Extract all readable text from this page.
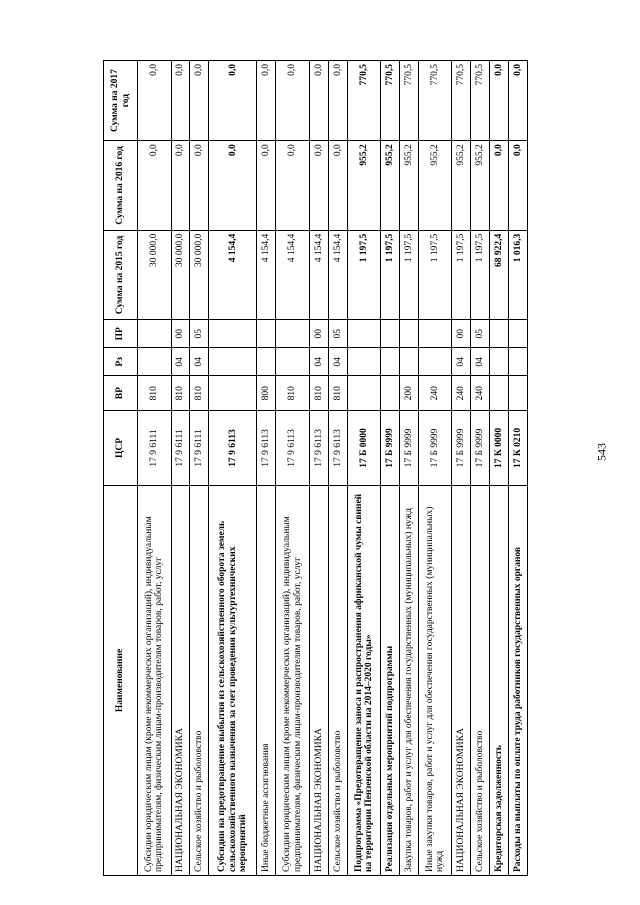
543
Наименование	ЦСР	ВР	Рз	ПР	Сумма на 2015 год	Сумма на 2016 год	Сумма на 2017 год
Субсидии юридическим лицам (кроме некоммерческих организаций), индивидуальным предпринимателям, физическим лицам-производителям товаров, работ, услуг	17 9 6111	810			30 000,0	0,0	0,0
НАЦИОНАЛЬНАЯ ЭКОНОМИКА	17 9 6111	810	04	00	30 000,0	0,0	0,0
Сельское хозяйство и рыболовство	17 9 6111	810	04	05	30 000,0	0,0	0,0
Субсидии на предотвращение выбытия из сельскохозяйственного оборота земель сельскохозяйственного назначения за счет проведения культуртехнических мероприятий	17 9 6113				4 154,4	0,0	0,0
Иные бюджетные ассигнования	17 9 6113	800			4 154,4	0,0	0,0
Субсидии юридическим лицам (кроме некоммерческих организаций), индивидуальным предпринимателям, физическим лицам-производителям товаров, работ, услуг	17 9 6113	810			4 154,4	0,0	0,0
НАЦИОНАЛЬНАЯ ЭКОНОМИКА	17 9 6113	810	04	00	4 154,4	0,0	0,0
Сельское хозяйство и рыболовство	17 9 6113	810	04	05	4 154,4	0,0	0,0
Подпрограмма «Предотвращение заноса и распространения африканской чумы свиней на территории Пензенской области на 2014–2020 годы»	17 Б 0000				1 197,5	955,2	770,5
Реализация отдельных мероприятий подпрограммы	17 Б 9999				1 197,5	955,2	770,5
Закупка товаров, работ и услуг для обеспечения государственных (муниципальных) нужд	17 Б 9999	200			1 197,5	955,2	770,5
Иные закупки товаров, работ и услуг для обеспечения государственных (муниципальных) нужд	17 Б 9999	240			1 197,5	955,2	770,5
НАЦИОНАЛЬНАЯ ЭКОНОМИКА	17 Б 9999	240	04	00	1 197,5	955,2	770,5
Сельское хозяйство и рыболовство	17 Б 9999	240	04	05	1 197,5	955,2	770,5
Кредиторская задолженность	17 К 0000				68 922,4	0,0	0,0
Расходы на выплаты по оплате труда работников государственных органов	17 К 0210				1 016,3	0,0	0,0
